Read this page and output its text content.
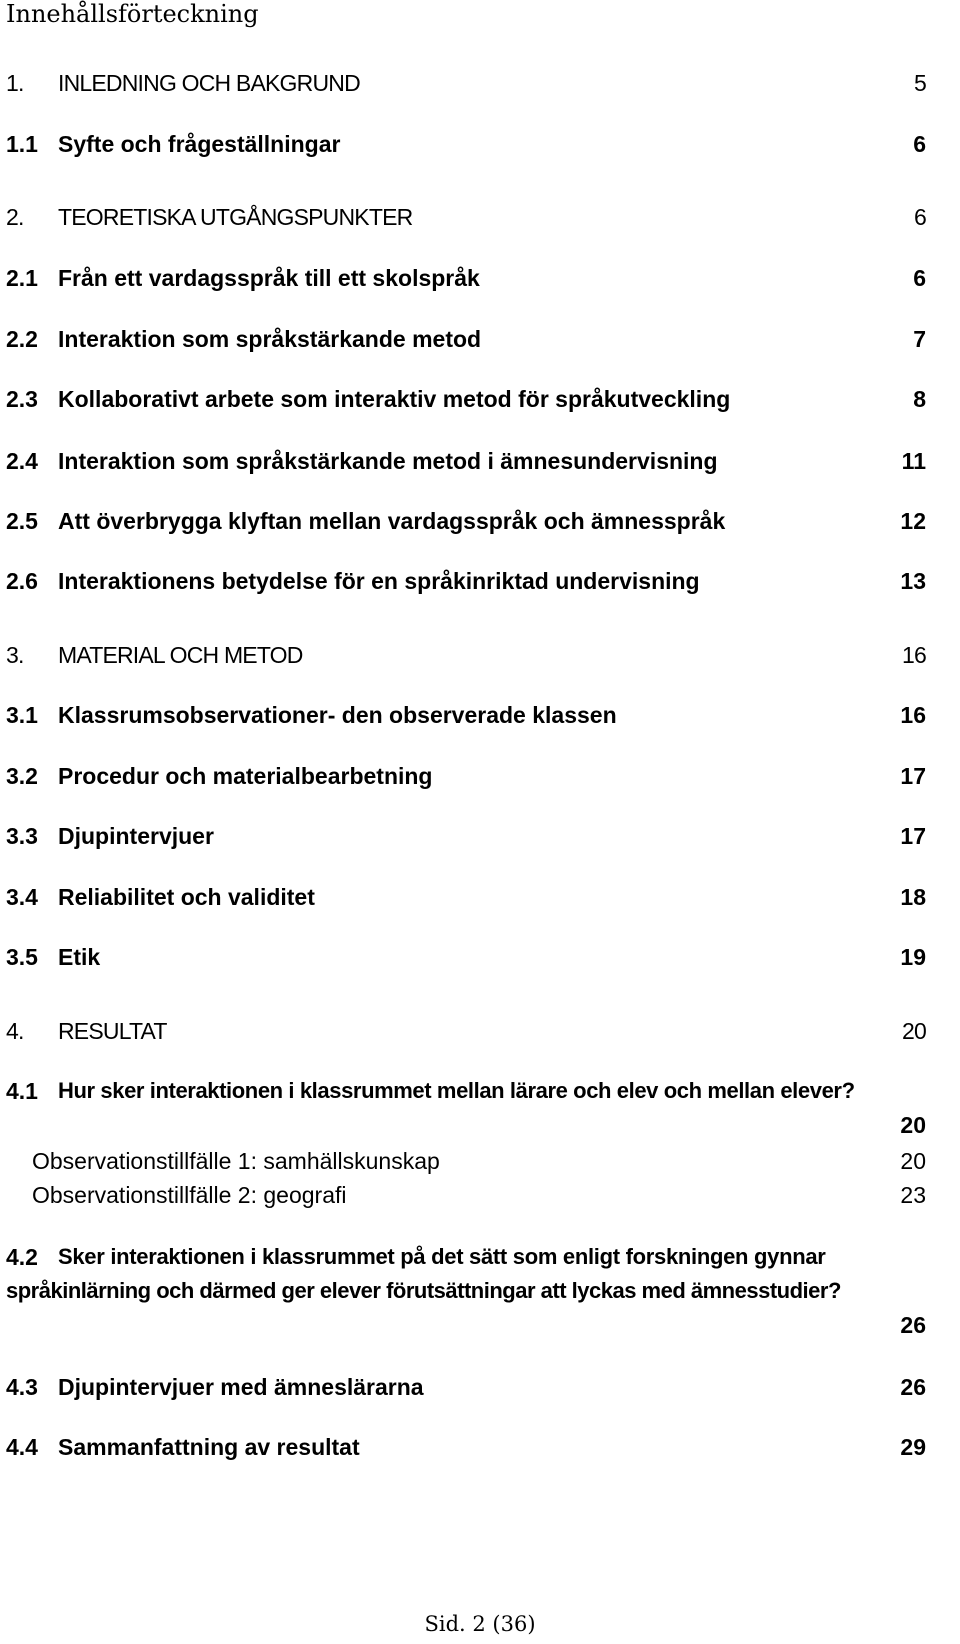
Innehållsförteckning
1. INLEDNING OCH BAKGRUND	5
1.1 Syfte och frågeställningar	6
2. TEORETISKA UTGÅNGSPUNKTER	6
2.1 Från ett vardagsspråk till ett skolspråk	6
2.2 Interaktion som språkstärkande metod	7
2.3 Kollaborativt arbete som interaktiv metod för språkutveckling	8
2.4 Interaktion som språkstärkande metod i ämnesundervisning	11
2.5 Att överbrygga klyftan mellan vardagsspråk och ämnesspråk	12
2.6 Interaktionens betydelse för en språkinriktad undervisning	13
3. MATERIAL OCH METOD	16
3.1 Klassrumsobservationer- den observerade klassen	16
3.2 Procedur och materialbearbetning	17
3.3 Djupintervjuer	17
3.4 Reliabilitet och validitet	18
3.5 Etik	19
4. RESULTAT	20
4.1 Hur sker interaktionen i klassrummet mellan lärare och elev och mellan elever?
20
Observationstillfälle 1: samhällskunskap	20
Observationstillfälle 2: geografi	23
4.2 Sker interaktionen i klassrummet på det sätt som enligt forskningen gynnar
språkinlärning och därmed ger elever förutsättningar att lyckas med ämnesstudier?
26
4.3 Djupintervjuer med ämneslärarna	26
4.4 Sammanfattning av resultat	29
Sid. 2 (36)
